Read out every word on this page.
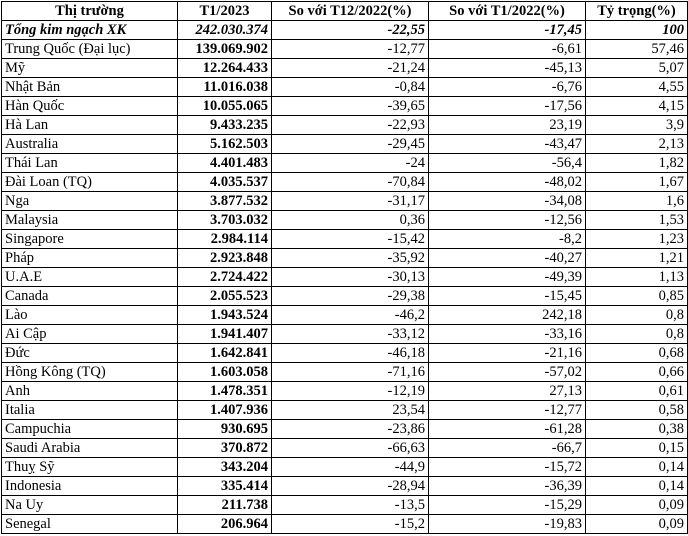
Thị trường	T1/2023	So với T12/2022(%)	So với T1/2022(%)	Tỷ trọng(%)
Tổng kim ngạch XK	242.030.374	-22,55	-17,45	100
Trung Quốc (Đại lục)	139.069.902	-12,77	-6,61	57,46
Mỹ	12.264.433	-21,24	-45,13	5,07
Nhật Bản	11.016.038	-0,84	-6,76	4,55
Hàn Quốc	10.055.065	-39,65	-17,56	4,15
Hà Lan	9.433.235	-22,93	23,19	3,9
Australia	5.162.503	-29,45	-43,47	2,13
Thái Lan	4.401.483	-24	-56,4	1,82
Đài Loan (TQ)	4.035.537	-70,84	-48,02	1,67
Nga	3.877.532	-31,17	-34,08	1,6
Malaysia	3.703.032	0,36	-12,56	1,53
Singapore	2.984.114	-15,42	-8,2	1,23
Pháp	2.923.848	-35,92	-40,27	1,21
U.A.E	2.724.422	-30,13	-49,39	1,13
Canada	2.055.523	-29,38	-15,45	0,85
Lào	1.943.524	-46,2	242,18	0,8
Ai Cập	1.941.407	-33,12	-33,16	0,8
Đức	1.642.841	-46,18	-21,16	0,68
Hồng Kông (TQ)	1.603.058	-71,16	-57,02	0,66
Anh	1.478.351	-12,19	27,13	0,61
Italia	1.407.936	23,54	-12,77	0,58
Campuchia	930.695	-23,86	-61,28	0,38
Saudi Arabia	370.872	-66,63	-66,7	0,15
Thuỵ Sỹ	343.204	-44,9	-15,72	0,14
Indonesia	335.414	-28,94	-36,39	0,14
Na Uy	211.738	-13,5	-15,29	0,09
Senegal	206.964	-15,2	-19,83	0,09
